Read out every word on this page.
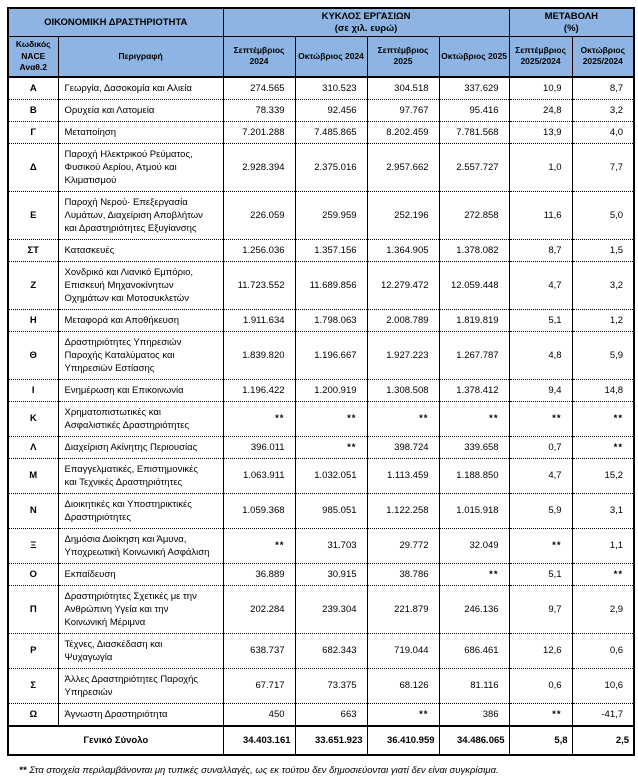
ΟΙΚΟΝΟΜΙΚΗ ΔΡΑΣΤΗΡΙΟΤΗΤΑ

ΚΥΚΛΟΣ ΕΡΓΑΣΙΩΝ
(σε χιλ. ευρώ)

ΜΕΤΑΒΟΛΗ
(%)

Κωδικός NACE Αναθ.2	Περιγραφή	Σεπτέμβριος 2024	Οκτώβριος 2024	Σεπτέμβριος 2025	Οκτώβριος 2025	Σεπτέμβριος 2025/2024	Οκτώβριος 2025/2024
Α	Γεωργία, Δασοκομία και Αλιεία	274.565	310.523	304.518	337.629	10,9	8,7
Β	Ορυχεία και Λατομεία	78.339	92.456	97.767	95.416	24,8	3,2
Γ	Μεταποίηση	7.201.288	7.485.865	8.202.459	7.781.568	13,9	4,0
Δ	Παροχή Ηλεκτρικού Ρεύματος, Φυσικού Αερίου, Ατμού και Κλιματισμού	2.928.394	2.375.016	2.957.662	2.557.727	1,0	7,7
Ε	Παροχή Νερού· Επεξεργασία Λυμάτων, Διαχείριση Αποβλήτων και Δραστηριότητες Εξυγίανσης	226.059	259.959	252.196	272.858	11,6	5,0
ΣΤ	Κατασκευές	1.256.036	1.357.156	1.364.905	1.378.082	8,7	1,5
Ζ	Χονδρικό και Λιανικό Εμπόριο, Επισκευή Μηχανοκίνητων Οχημάτων και Μοτοσυκλετών	11.723.552	11.689.856	12.279.472	12.059.448	4,7	3,2
Η	Μεταφορά και Αποθήκευση	1.911.634	1.798.063	2.008.789	1.819.819	5,1	1,2
Θ	Δραστηριότητες Υπηρεσιών Παροχής Καταλύματος και Υπηρεσιών Εστίασης	1.839.820	1.196.667	1.927.223	1.267.787	4,8	5,9
Ι	Ενημέρωση και Επικοινωνία	1.196.422	1.200.919	1.308.508	1.378.412	9,4	14,8
Κ	Χρηματοπιστωτικές και Ασφαλιστικές Δραστηριότητες	**	**	**	**	**	**
Λ	Διαχείριση Ακίνητης Περιουσίας	396.011	**	398.724	339.658	0,7	**
Μ	Επαγγελματικές, Επιστημονικές και Τεχνικές Δραστηριότητες	1.063.911	1.032.051	1.113.459	1.188.850	4,7	15,2
Ν	Διοικητικές και Υποστηρικτικές Δραστηριότητες	1.059.368	985.051	1.122.258	1.015.918	5,9	3,1
Ξ	Δημόσια Διοίκηση και Άμυνα, Υποχρεωτική Κοινωνική Ασφάλιση	**	31.703	29.772	32.049	**	1,1
Ο	Εκπαίδευση	36.889	30.915	38.786	**	5,1	**
Π	Δραστηριότητες Σχετικές με την Ανθρώπινη Υγεία και την Κοινωνική Μέριμνα	202.284	239.304	221.879	246.136	9,7	2,9
Ρ	Τέχνες, Διασκέδαση και Ψυχαγωγία	638.737	682.343	719.044	686.461	12,6	0,6
Σ	Άλλες Δραστηριότητες Παροχής Υπηρεσιών	67.717	73.375	68.126	81.116	0,6	10,6
Ω	Άγνωστη Δραστηριότητα	450	663	**	386	**	-41,7
Γενικό Σύνολο		34.403.161	33.651.923	36.410.959	34.486.065	5,8	2,5
** Στα στοιχεία περιλαμβάνονται μη τυπικές συναλλαγές, ως εκ τούτου δεν δημοσιεύονται γιατί δεν είναι συγκρίσιμα.
